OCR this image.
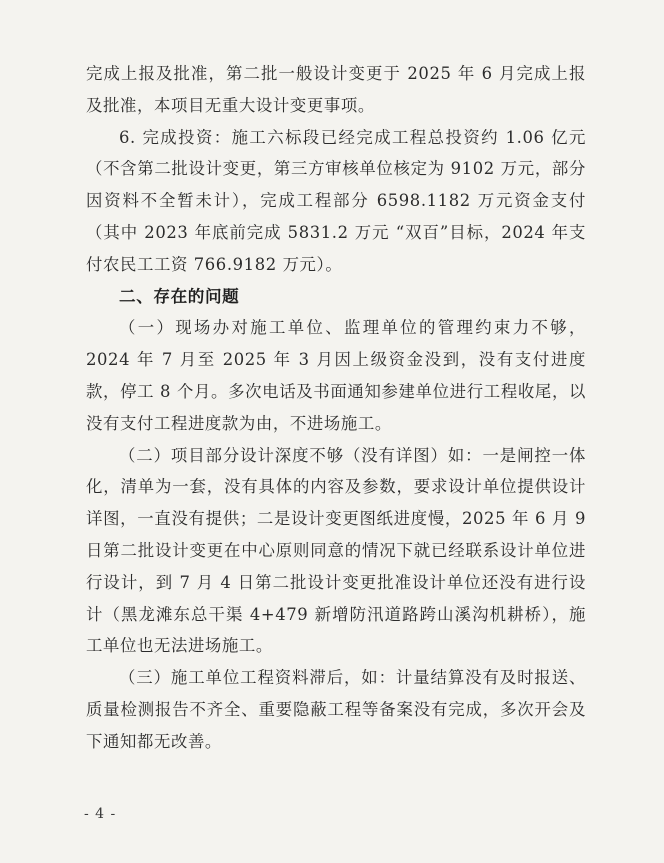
完成上报及批准，第二批一般设计变更于 2025 年 6 月完成上报及批准，本项目无重大设计变更事项。

6. 完成投资：施工六标段已经完成工程总投资约 1.06 亿元（不含第二批设计变更，第三方审核单位核定为 9102 万元，部分因资料不全暂未计），完成工程部分 6598.1182 万元资金支付（其中 2023 年底前完成 5831.2 万元 “双百”目标，2024 年支付农民工工资 766.9182 万元）。

二、存在的问题

（一）现场办对施工单位、监理单位的管理约束力不够，2024 年 7 月至 2025 年 3 月因上级资金没到，没有支付进度款，停工 8 个月。多次电话及书面通知参建单位进行工程收尾，以没有支付工程进度款为由，不进场施工。

（二）项目部分设计深度不够（没有详图）如：一是闸控一体化，清单为一套，没有具体的内容及参数，要求设计单位提供设计详图，一直没有提供；二是设计变更图纸进度慢，2025 年 6 月 9 日第二批设计变更在中心原则同意的情况下就已经联系设计单位进行设计，到 7 月 4 日第二批设计变更批准设计单位还没有进行设计（黑龙滩东总干渠 4+479 新增防汛道路跨山溪沟机耕桥），施工单位也无法进场施工。

（三）施工单位工程资料滞后，如：计量结算没有及时报送、质量检测报告不齐全、重要隐蔽工程等备案没有完成，多次开会及下通知都无改善。

- 4 -
